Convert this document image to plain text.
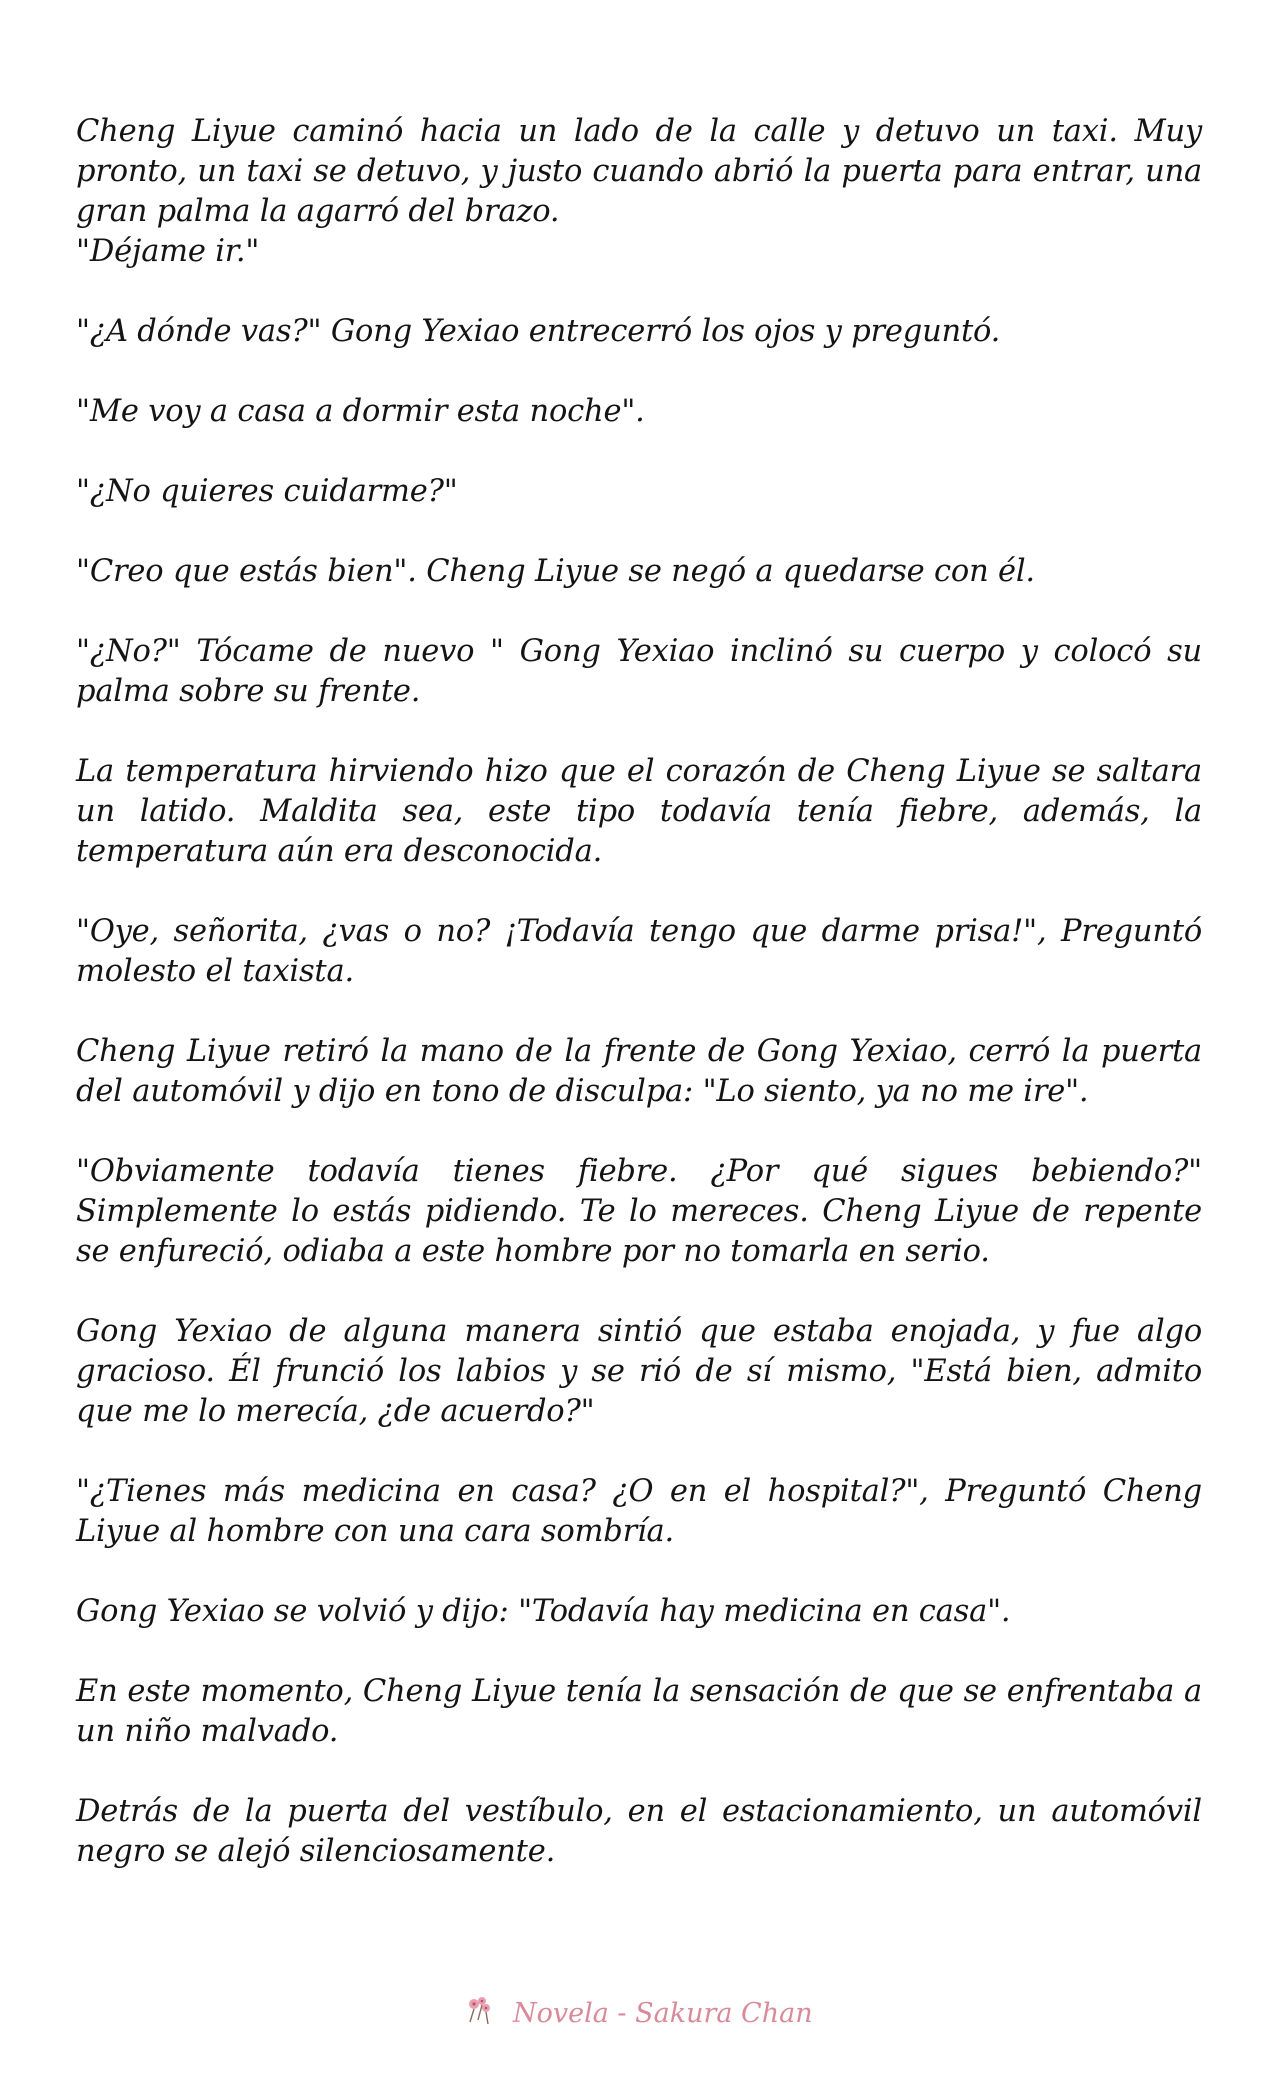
Cheng Liyue caminó hacia un lado de la calle y detuvo un taxi. Muy pronto, un taxi se detuvo, y justo cuando abrió la puerta para entrar, una gran palma la agarró del brazo.
"Déjame ir."

"¿A dónde vas?" Gong Yexiao entrecerró los ojos y preguntó.

"Me voy a casa a dormir esta noche".

"¿No quieres cuidarme?"

"Creo que estás bien". Cheng Liyue se negó a quedarse con él.

"¿No?" Tócame de nuevo " Gong Yexiao inclinó su cuerpo y colocó su palma sobre su frente.

La temperatura hirviendo hizo que el corazón de Cheng Liyue se saltara un latido. Maldita sea, este tipo todavía tenía fiebre, además, la temperatura aún era desconocida.

"Oye, señorita, ¿vas o no? ¡Todavía tengo que darme prisa!", Preguntó molesto el taxista.

Cheng Liyue retiró la mano de la frente de Gong Yexiao, cerró la puerta del automóvil y dijo en tono de disculpa: "Lo siento, ya no me ire".

"Obviamente todavía tienes fiebre. ¿Por qué sigues bebiendo?" Simplemente lo estás pidiendo. Te lo mereces. Cheng Liyue de repente se enfureció, odiaba a este hombre por no tomarla en serio.

Gong Yexiao de alguna manera sintió que estaba enojada, y fue algo gracioso. Él frunció los labios y se rió de sí mismo, "Está bien, admito que me lo merecía, ¿de acuerdo?"

"¿Tienes más medicina en casa? ¿O en el hospital?", Preguntó Cheng Liyue al hombre con una cara sombría.

Gong Yexiao se volvió y dijo: "Todavía hay medicina en casa".

En este momento, Cheng Liyue tenía la sensación de que se enfrentaba a un niño malvado.

Detrás de la puerta del vestíbulo, en el estacionamiento, un automóvil negro se alejó silenciosamente.

Novela - Sakura Chan
